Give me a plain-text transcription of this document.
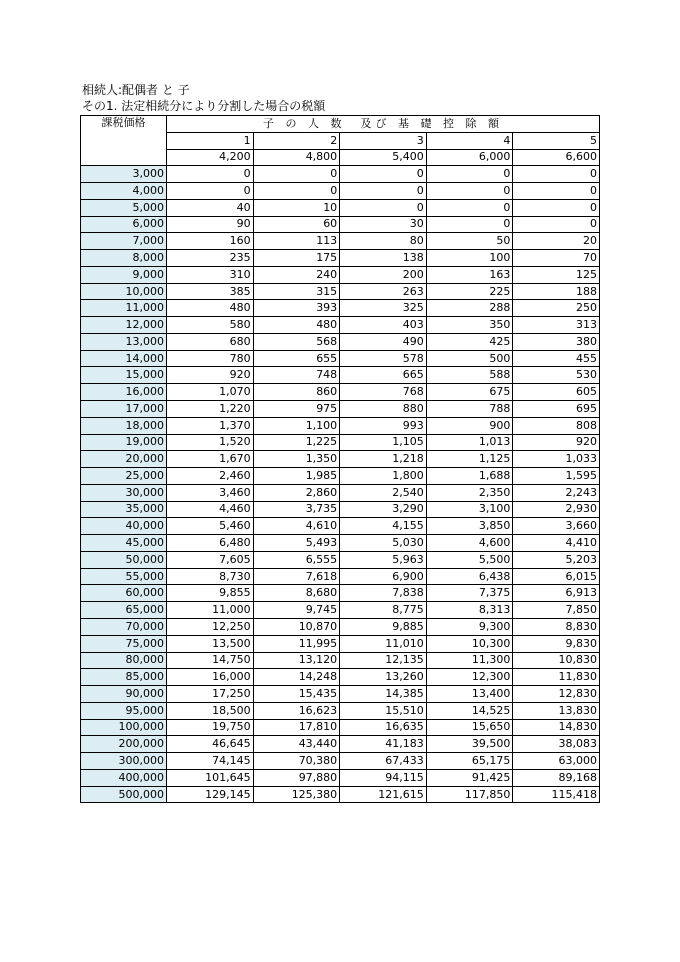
相続人:配偶者 と 子
その1. 法定相続分により分割した場合の税額
課税価格	子 の 人 数　及び 基 礎 控 除 額				
	1	2	3	4	5
	4,200	4,800	5,400	6,000	6,600
3,000	0	0	0	0	0
4,000	0	0	0	0	0
5,000	40	10	0	0	0
6,000	90	60	30	0	0
7,000	160	113	80	50	20
8,000	235	175	138	100	70
9,000	310	240	200	163	125
10,000	385	315	263	225	188
11,000	480	393	325	288	250
12,000	580	480	403	350	313
13,000	680	568	490	425	380
14,000	780	655	578	500	455
15,000	920	748	665	588	530
16,000	1,070	860	768	675	605
17,000	1,220	975	880	788	695
18,000	1,370	1,100	993	900	808
19,000	1,520	1,225	1,105	1,013	920
20,000	1,670	1,350	1,218	1,125	1,033
25,000	2,460	1,985	1,800	1,688	1,595
30,000	3,460	2,860	2,540	2,350	2,243
35,000	4,460	3,735	3,290	3,100	2,930
40,000	5,460	4,610	4,155	3,850	3,660
45,000	6,480	5,493	5,030	4,600	4,410
50,000	7,605	6,555	5,963	5,500	5,203
55,000	8,730	7,618	6,900	6,438	6,015
60,000	9,855	8,680	7,838	7,375	6,913
65,000	11,000	9,745	8,775	8,313	7,850
70,000	12,250	10,870	9,885	9,300	8,830
75,000	13,500	11,995	11,010	10,300	9,830
80,000	14,750	13,120	12,135	11,300	10,830
85,000	16,000	14,248	13,260	12,300	11,830
90,000	17,250	15,435	14,385	13,400	12,830
95,000	18,500	16,623	15,510	14,525	13,830
100,000	19,750	17,810	16,635	15,650	14,830
200,000	46,645	43,440	41,183	39,500	38,083
300,000	74,145	70,380	67,433	65,175	63,000
400,000	101,645	97,880	94,115	91,425	89,168
500,000	129,145	125,380	121,615	117,850	115,418
